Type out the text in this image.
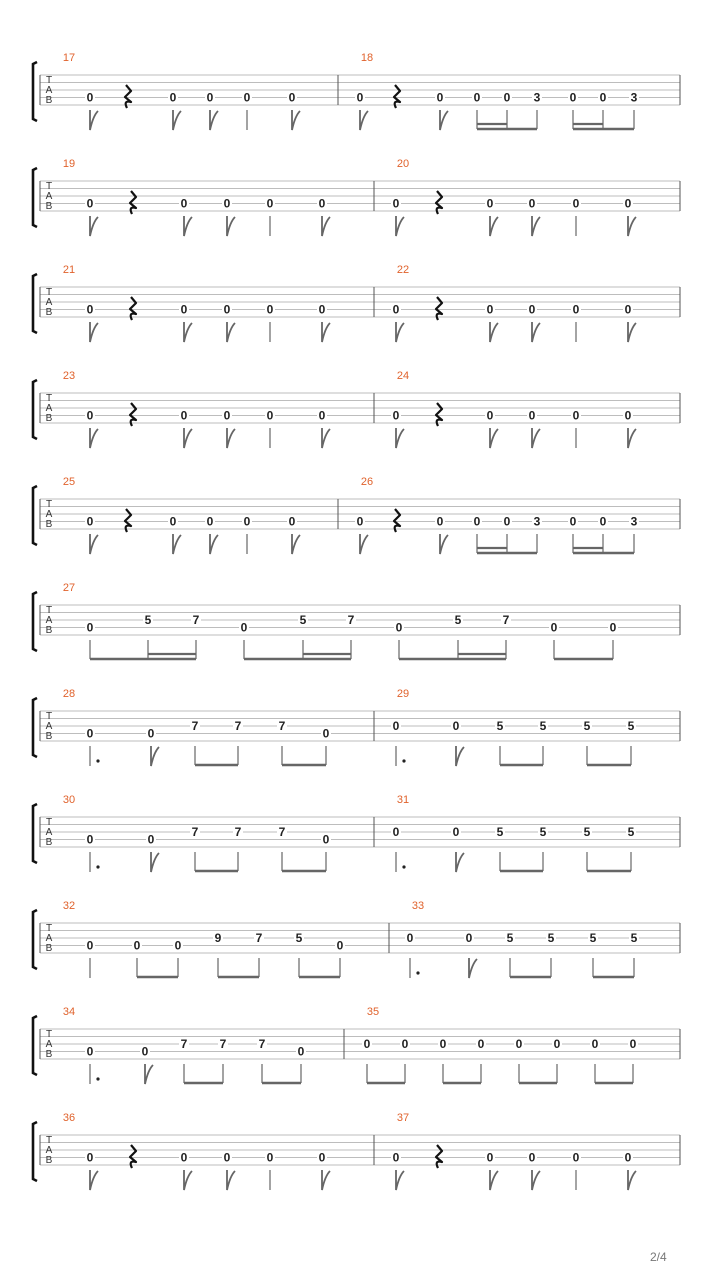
T
A
B
17
0	0	0	0	0
18
0	0	0 0 3 0 0 3
T
A
B
19
0	0	0	0	0
20
0	0	0	0	0
T
A
B
21
0	0	0	0	0
22
0	0	0	0	0
T
A
B
23
0	0	0	0	0
24
0	0	0	0	0
T
A
B
25
0	0	0	0	0
26
0	0	0 0 3 0 0 3
T
A
B
27
0
5	7
0
5	7
0
5	7
0	0
T
A
B
28
0	0
7	7	7
0
29
0	0	5	5	5	5
T
A
B
30
0	0
7	7	7
0
31
0	0	5	5	5	5
T
A
B
32
0	0	0
9	7	5
0
33
0	0	5	5	5	5
T
A
B
34
0	0
7	7	7
0
35
0	0	0	0	0	0	0	0
T
A
B
36
0	0	0	0	0
37
0	0	0	0	0
2/4
